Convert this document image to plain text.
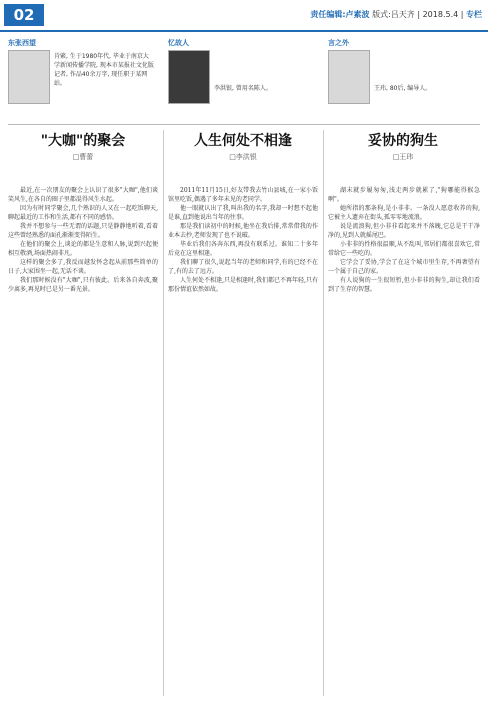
02	责任编辑:卢素波 版式:吕天齐 | 2018.5.4 | 专栏
东张西望
肯綮, 生于1980年代, 毕业于南京大学新闻传播学院, 现本市某报社文化版记者, 作品40余万字, 现任职于某网站。
忆故人
李洪银, 曾用名陈人。
言之外
王玮, 80后, 编导人。
"大咖"的聚会
□曹蕾
人生何处不相逢
□李洪银
妥协的狗生
□王玮

最近,在一次朋友的聚会上认识了很多"大咖",他们谈笑风生,在各自的圈子里都混得风生水起。

因为有时同学聚会,几个熟识的人又在一起吃饭聊天,聊起最近的工作和生活,都有不同的感悟。

我并不想参与一些无谓的话题,只是静静地听着,看着这些曾经熟悉的面孔渐渐变得陌生。

在他们的聚会上,谈论的都是生意和人脉,说到兴起便相互敬酒,场面热闹非凡。

这样的聚会多了,我反而越发怀念起从前那些简单的日子,大家围坐一起,无话不谈。

我们那时候没有"大咖",只有彼此。后来各自奔波,聚少离多,再见时已是另一番光景。

2011年11月15日,好友带我去竹山县城,在一家小饭馆里吃饭,偶遇了多年未见的老同学。

他一眼就认出了我,叫出我的名字,我却一时想不起他是谁,直到他说出当年的往事。

那是我们读初中的时候,他坐在我后排,常常借我的作业本去抄,老师发现了也不说破。

毕业后我们各奔东西,再没有联系过。谁知二十多年后竟在这里相逢。

我们聊了很久,说起当年的老师和同学,有的已经不在了,有的去了远方。

人生何处不相逢,只是相逢时,我们都已不再年轻,只有那份情谊依然如故。

湖末就步履匆匆,浅走两步就累了,"狗哪能得猴急啊"。

她所指的那条狗,是小非非。一条没人愿意收养的狗,它被主人遗弃在街头,孤零零地流浪。

说是流浪狗,但小非非看起来并不落魄,它总是干干净净的,见到人就摇尾巴。

小非非的性格很温顺,从不乱叫,邻居们都很喜欢它,常常给它一些吃的。

它学会了妥协,学会了在这个城市里生存,不再奢望有一个属于自己的家。

有人说狗的一生很短暂,但小非非的狗生,却让我们看到了生存的智慧。
